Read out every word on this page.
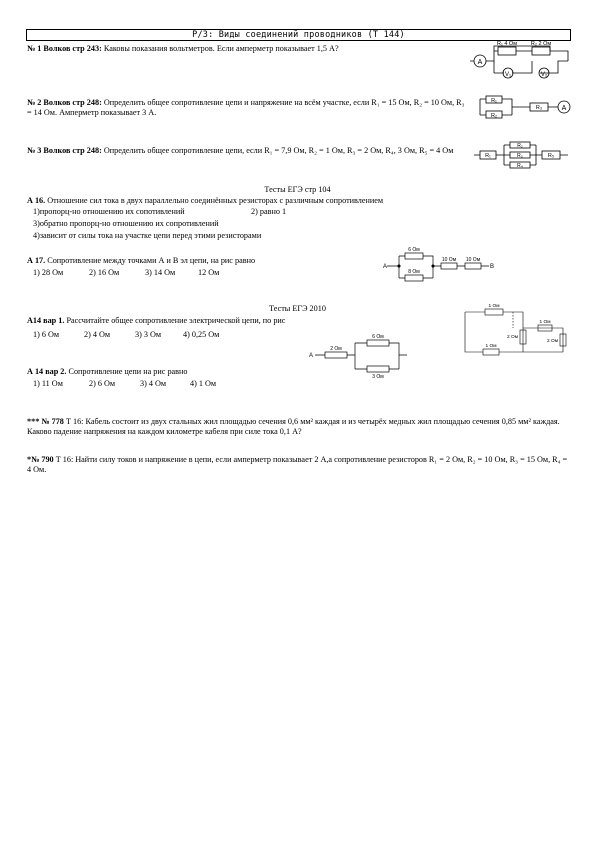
Р/З: Виды соединений проводников (Т 144)
№ 1 Волков стр 243: Каковы показания вольтметров. Если амперметр показывает 1,5 А?
A
R₁ 4 Ом	R₂ 2 Ом
V₁	V₂
№ 2 Волков стр 248: Определить общее сопротивление цепи и напряжение на всём участке, если R₁ = 15 Ом, R₂ = 10 Ом, R₃ = 14 Ом. Амперметр показывает 3 А.
R₁
R₂
R₃	A
№ 3 Волков стр 248: Определить общее сопротивление цепи, если R₁ = 7,9 Ом, R₂ = 1 Ом, R₃ = 2 Ом, R₄, 3 Ом, R₅ = 4 Ом
R₁
R₂
R₃
R₄
R₅
Тесты ЕГЭ стр 104
А 16. Отношение сил тока в двух параллельно соединённых резисторах с различным сопротивлением
1)пропорц-но отношению их сопотивлений	2) равно 1
3)обратно пропорц-но отношению их сопротивлений
4)зависит от силы тока на участке цепи перед этими резисторами
А 17. Сопротивление между точками А и В эл цепи, на рис равно
1) 28 Ом	2) 16 Ом	3) 14 Ом	12 Ом
А	В
6 Ом
8 Ом
10 Ом 10 Ом
Тесты ЕГЭ 2010
А14 вар 1. Рассчитайте общее сопротивление электрической цепи, по рис
1) 6 Ом	2) 4 Ом	3) 3 Ом	4) 0,25 Ом
A
2 Ом
6 Ом
3 Ом
1 Ом
1 Ом
2 Ом
2 Ом
1 Ом
А 14 вар 2. Сопротивление цепи на рис равно
1) 11 Ом	2) 6 Ом	3) 4 Ом	4) 1 Ом
*** № 778 Т 16: Кабель состоит из двух стальных жил площадью сечения 0,6 мм² каждая и из четырёх медных жил площадью сечения 0,85 мм² каждая. Каково падение напряжения на каждом километре кабеля при силе тока 0,1 А?
*№ 790 Т 16: Найти силу токов и напряжение в цепи, если амперметр показывает 2 А,а сопротивление резисторов R₁ = 2 Ом, R₂ = 10 Ом, R₃ = 15 Ом, R₄ = 4 Ом.
